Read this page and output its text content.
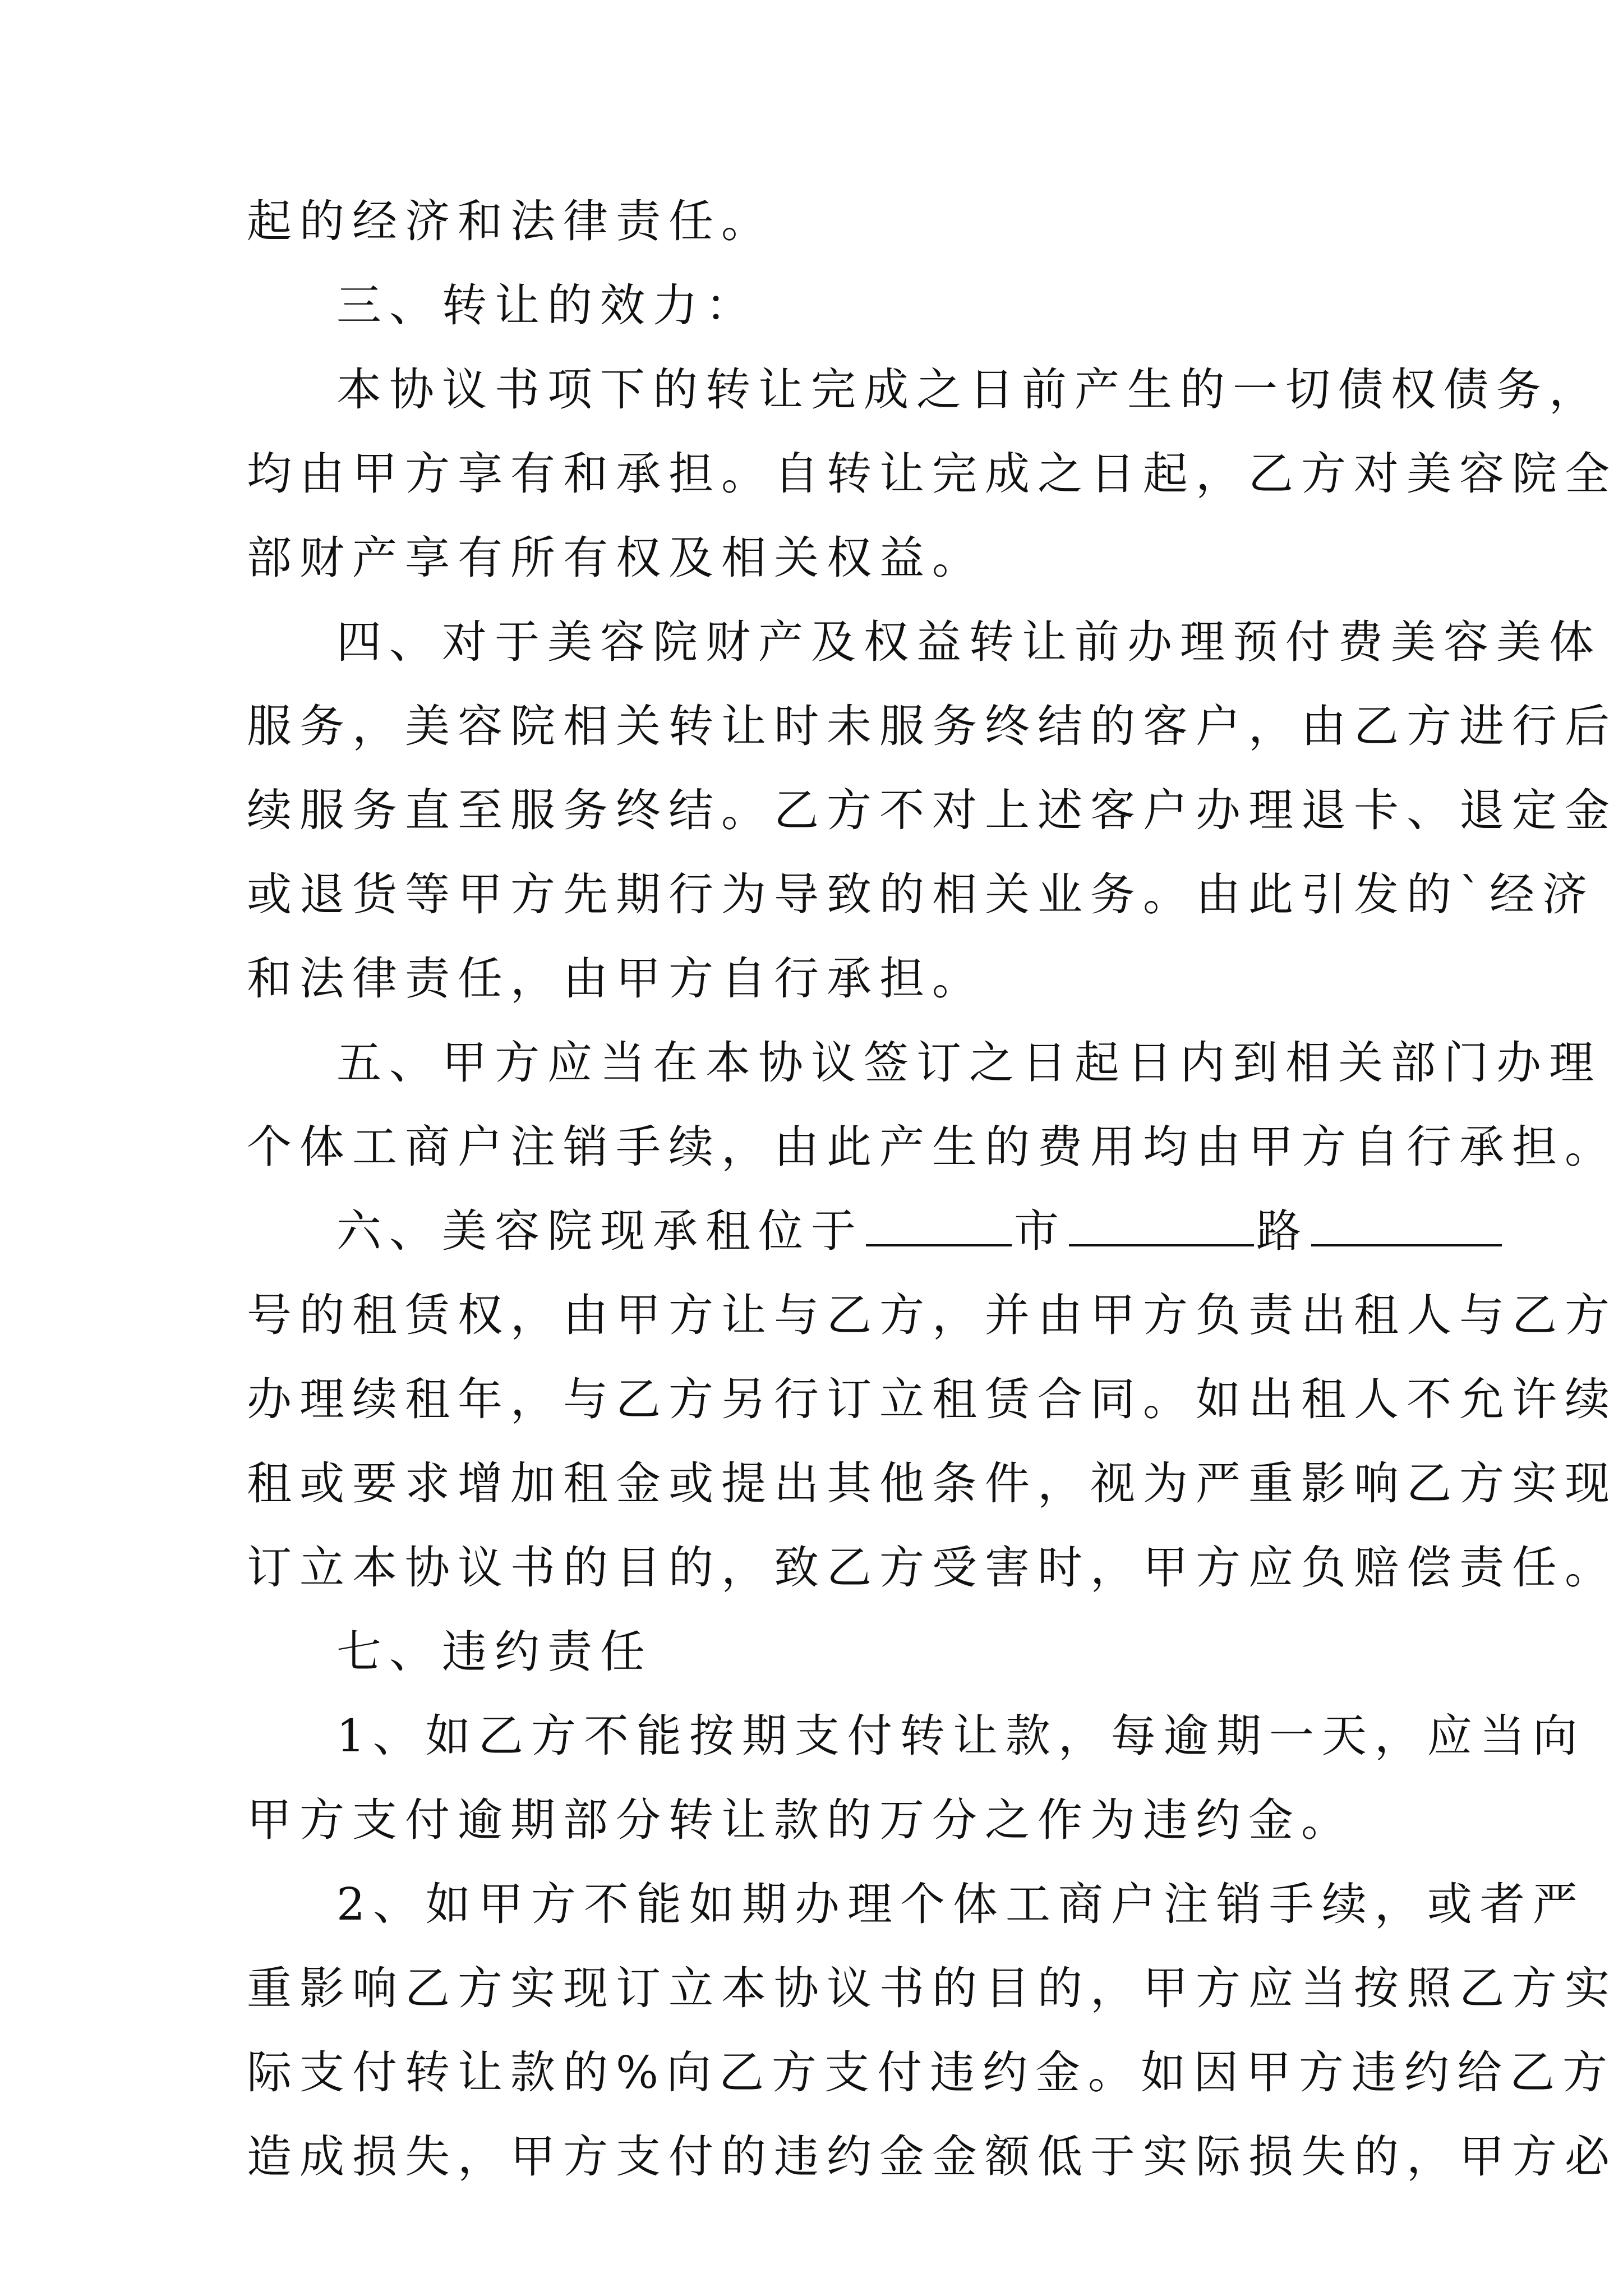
起的经济和法律责任。
三、转让的效力：
本协议书项下的转让完成之日前产生的一切债权债务，
均由甲方享有和承担。自转让完成之日起，乙方对美容院全
部财产享有所有权及相关权益。
四、对于美容院财产及权益转让前办理预付费美容美体
服务，美容院相关转让时未服务终结的客户，由乙方进行后
续服务直至服务终结。乙方不对上述客户办理退卡、退定金
或退货等甲方先期行为导致的相关业务。由此引发的`经济
和法律责任，由甲方自行承担。
五、甲方应当在本协议签订之日起日内到相关部门办理
个体工商户注销手续，由此产生的费用均由甲方自行承担。
六、美容院现承租位于	市	路
号的租赁权，由甲方让与乙方，并由甲方负责出租人与乙方
办理续租年，与乙方另行订立租赁合同。如出租人不允许续
租或要求增加租金或提出其他条件，视为严重影响乙方实现
订立本协议书的目的，致乙方受害时，甲方应负赔偿责任。
七、违约责任
1、如乙方不能按期支付转让款，每逾期一天，应当向
甲方支付逾期部分转让款的万分之作为违约金。
2、如甲方不能如期办理个体工商户注销手续，或者严
重影响乙方实现订立本协议书的目的，甲方应当按照乙方实
际支付转让款的%向乙方支付违约金。如因甲方违约给乙方
造成损失，甲方支付的违约金金额低于实际损失的，甲方必
